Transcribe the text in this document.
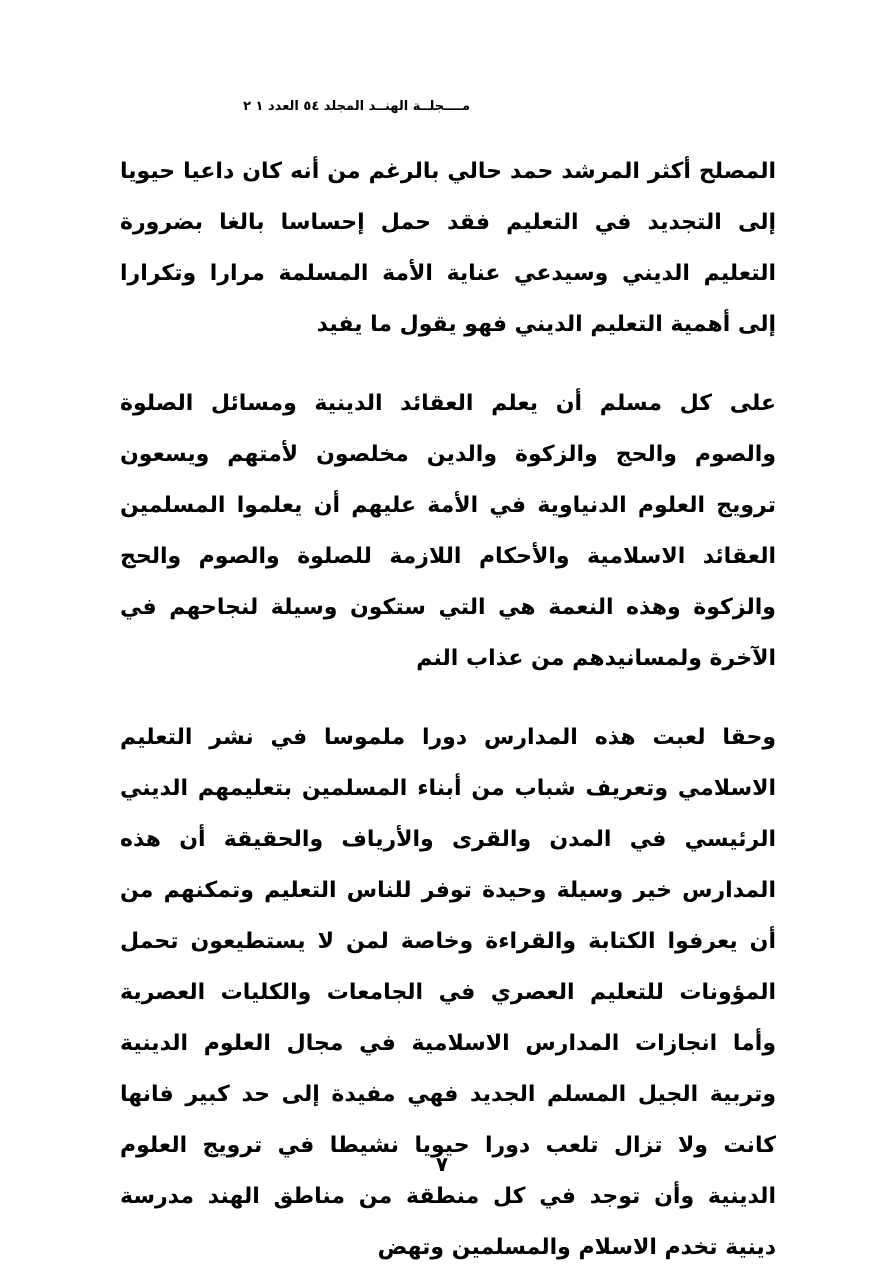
مــــجلــة الهنــد المجلد ٥٤ العدد ١ ٢

المصلح أكثر المرشد حمد حالي بالرغم من أنه كان داعيا حيويا إلى التجديد في التعليم فقد حمل إحساسا بالغا بضرورة التعليم الديني وسيدعي عناية الأمة المسلمة مرارا وتكرارا إلى أهمية التعليم الديني فهو يقول ما يفيد

على كل مسلم أن يعلم العقائد الدينية ومسائل الصلوة والصوم والحج والزكوة والدين مخلصون لأمتهم ويسعون ترويج العلوم الدنياوية في الأمة عليهم أن يعلموا المسلمين العقائد الاسلامية والأحكام اللازمة للصلوة والصوم والحج والزكوة وهذه النعمة هي التي ستكون وسيلة لنجاحهم في الآخرة ولمسانيدهم من عذاب النم

وحقا لعبت هذه المدارس دورا ملموسا في نشر التعليم الاسلامي وتعريف شباب من أبناء المسلمين بتعليمهم الديني الرئيسي في المدن والقرى والأرياف والحقيقة أن هذه المدارس خير وسيلة وحيدة توفر للناس التعليم وتمكنهم من أن يعرفوا الكتابة والقراءة وخاصة لمن لا يستطيعون تحمل المؤونات للتعليم العصري في الجامعات والكليات العصرية وأما انجازات المدارس الاسلامية في مجال العلوم الدينية وتربية الجيل المسلم الجديد فهي مفيدة إلى حد كبير فانها كانت ولا تزال تلعب دورا حيويا نشيطا في ترويج العلوم الدينية وأن توجد في كل منطقة من مناطق الهند مدرسة دينية تخدم الاسلام والمسلمين وتهض

٧
